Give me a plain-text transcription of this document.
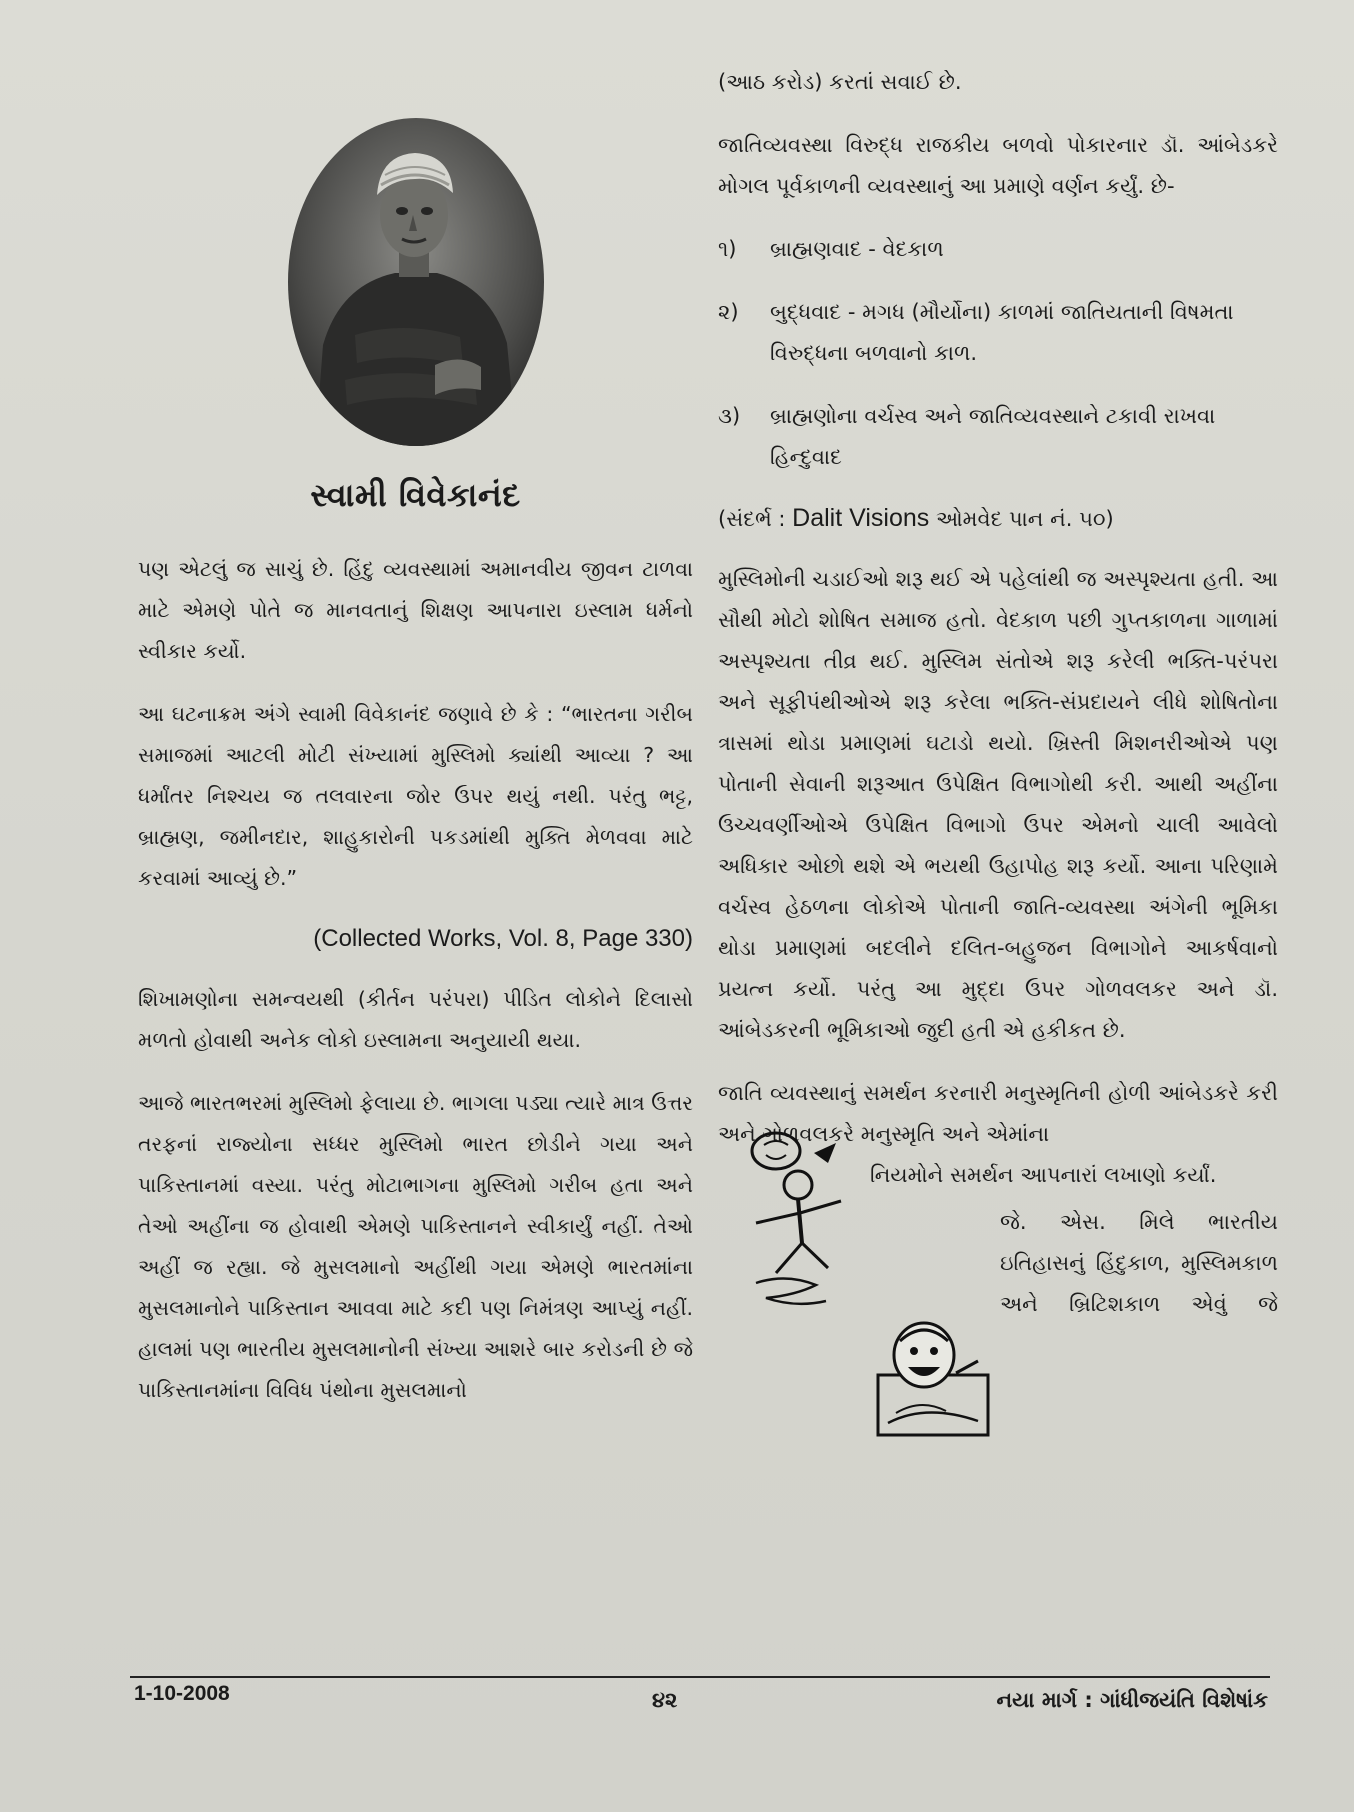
સ્વામી વિવેકાનંદ

પણ એટલું જ સાચું છે. હિંદુ વ્યવસ્થામાં અમાનવીય જીવન ટાળવા માટે એમણે પોતે જ માનવતાનું શિક્ષણ આપનારા ઇસ્લામ ધર્મનો સ્વીકાર કર્યો.

આ ઘટનાક્રમ અંગે સ્વામી વિવેકાનંદ જણાવે છે કે : “ભારતના ગરીબ સમાજમાં આટલી મોટી સંખ્યામાં મુસ્લિમો ક્યાંથી આવ્યા ? આ ધર્માંતર નિશ્ચય જ તલવારના જોર ઉપર થયું નથી. પરંતુ ભટ્ટ, બ્રાહ્મણ, જમીનદાર, શાહુકારોની પકડમાંથી મુક્તિ મેળવવા માટે કરવામાં આવ્યું છે.”

(Collected Works, Vol. 8, Page 330)

શિખામણોના સમન્વયથી (કીર્તન પરંપરા) પીડિત લોકોને દિલાસો મળતો હોવાથી અનેક લોકો ઇસ્લામના અનુયાયી થયા.

આજે ભારતભરમાં મુસ્લિમો ફેલાયા છે. ભાગલા પડ્યા ત્યારે માત્ર ઉત્તર તરફનાં રાજ્યોના સધ્ધર મુસ્લિમો ભારત છોડીને ગયા અને પાકિસ્તાનમાં વસ્યા. પરંતુ મોટાભાગના મુસ્લિમો ગરીબ હતા અને તેઓ અહીંના જ હોવાથી એમણે પાકિસ્તાનને સ્વીકાર્યું નહીં. તેઓ અહીં જ રહ્યા. જે મુસલમાનો અહીંથી ગયા એમણે ભારતમાંના મુસલમાનોને પાકિસ્તાન આવવા માટે કદી પણ નિમંત્રણ આપ્યું નહીં. હાલમાં પણ ભારતીય મુસલમાનોની સંખ્યા આશરે બાર કરોડની છે જે પાકિસ્તાનમાંના વિવિધ પંથોના મુસલમાનો

(આઠ કરોડ) કરતાં સવાઈ છે.

જાતિવ્યવસ્થા વિરુદ્ધ રાજકીય બળવો પોકારનાર ડૉ. આંબેડકરે મોગલ પૂર્વકાળની વ્યવસ્થાનું આ પ્રમાણે વર્ણન કર્યું. છે-

૧)	બ્રાહ્મણવાદ - વેદકાળ
૨)	બુદ્ધવાદ - મગધ (મૌર્યોના) કાળમાં જાતિયતાની વિષમતા વિરુદ્ધના બળવાનો કાળ.
૩)	બ્રાહ્મણોના વર્ચસ્વ અને જાતિવ્યવસ્થાને ટકાવી રાખવા હિન્દુવાદ
(સંદર્ભ : Dalit Visions ઓમવેદ પાન નં. ૫૦)

મુસ્લિમોની ચડાઈઓ શરૂ થઈ એ પહેલાંથી જ અસ્પૃશ્યતા હતી. આ સૌથી મોટો શોષિત સમાજ હતો. વેદકાળ પછી ગુપ્તકાળના ગાળામાં અસ્પૃશ્યતા તીવ્ર થઈ. મુસ્લિમ સંતોએ શરૂ કરેલી ભક્તિ-પરંપરા અને સૂફીપંથીઓએ શરૂ કરેલા ભક્તિ-સંપ્રદાયને લીધે શોષિતોના ત્રાસમાં થોડા પ્રમાણમાં ઘટાડો થયો. ખ્રિસ્તી મિશનરીઓએ પણ પોતાની સેવાની શરૂઆત ઉપેક્ષિત વિભાગોથી કરી. આથી અહીંના ઉચ્ચવર્ણીઓએ ઉપેક્ષિત વિભાગો ઉપર એમનો ચાલી આવેલો અધિકાર ઓછો થશે એ ભયથી ઉહાપોહ શરૂ કર્યો. આના પરિણામે વર્ચસ્વ હેઠળના લોકોએ પોતાની જાતિ-વ્યવસ્થા અંગેની ભૂમિકા થોડા પ્રમાણમાં બદલીને દલિત-બહુજન વિભાગોને આકર્ષવાનો પ્રયત્ન કર્યો. પરંતુ આ મુદ્દા ઉપર ગોળવલકર અને ડૉ. આંબેડકરની ભૂમિકાઓ જુદી હતી એ હકીકત છે.

જાતિ વ્યવસ્થાનું સમર્થન કરનારી મનુસ્મૃતિની હોળી આંબેડકરે કરી અને ગોળવલકરે મનુસ્મૃતિ અને એમાંના

નિયમોને સમર્થન આપનારાં લખાણો કર્યાં.
જે. એસ. મિલે ભારતીય ઇતિહાસનું હિંદુકાળ, મુસ્લિમકાળ અને બ્રિટિશકાળ એવું જે
1-10-2008	૪૨	નયા માર્ગ : ગાંધીજયંતિ વિશેષાંક
